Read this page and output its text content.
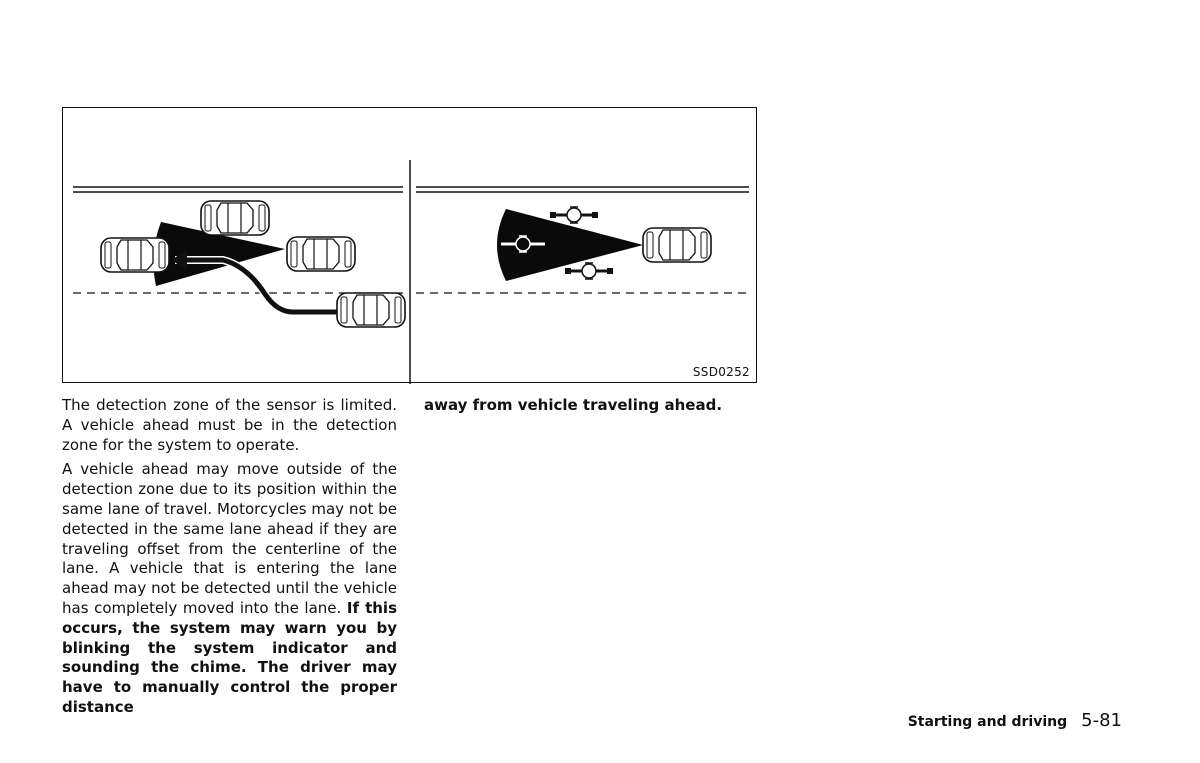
SSD0252

The detection zone of the sensor is limited. A vehicle ahead must be in the detection zone for the system to operate.

A vehicle ahead may move outside of the detection zone due to its position within the same lane of travel. Motorcycles may not be detected in the same lane ahead if they are traveling offset from the centerline of the lane. A vehicle that is entering the lane ahead may not be detected until the vehicle has completely moved into the lane. If this occurs, the system may warn you by blinking the system indicator and sounding the chime. The driver may have to manually control the proper distance

away from vehicle traveling ahead.

Starting and driving 5-81
